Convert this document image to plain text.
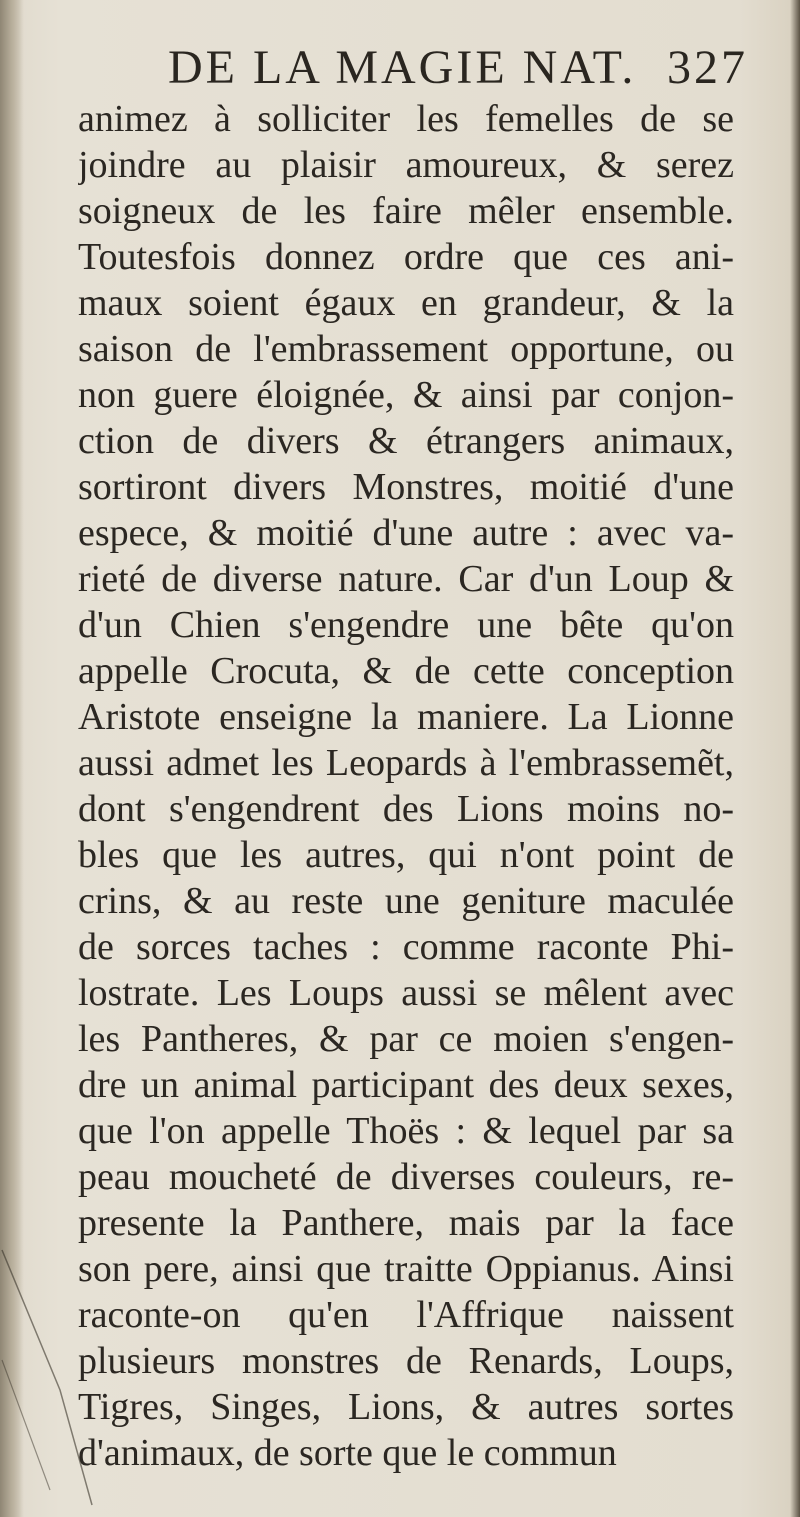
DE LA MAGIE NAT. 327
animez à solliciter les femelles de se
joindre au plaisir amoureux, & serez
soigneux de les faire mêler ensemble.
Toutesfois donnez ordre que ces ani-
maux soient égaux en grandeur, & la
saison de l'embrassement opportune, ou
non guere éloignée, & ainsi par conjon-
ction de divers & étrangers animaux,
sortiront divers Monstres, moitié d'une
espece, & moitié d'une autre : avec va-
rieté de diverse nature. Car d'un Loup &
d'un Chien s'engendre une bête qu'on
appelle Crocuta, & de cette conception
Aristote enseigne la maniere. La Lionne
aussi admet les Leopards à l'embrassemẽt,
dont s'engendrent des Lions moins no-
bles que les autres, qui n'ont point de
crins, & au reste une geniture maculée
de sorces taches : comme raconte Phi-
lostrate. Les Loups aussi se mêlent avec
les Pantheres, & par ce moien s'engen-
dre un animal participant des deux sexes,
que l'on appelle Thoës : & lequel par sa
peau moucheté de diverses couleurs, re-
presente la Panthere, mais par la face
son pere, ainsi que traitte Oppianus. Ainsi
raconte-on qu'en l'Affrique naissent
plusieurs monstres de Renards, Loups,
Tigres, Singes, Lions, & autres sortes
d'animaux, de sorte que le commun
